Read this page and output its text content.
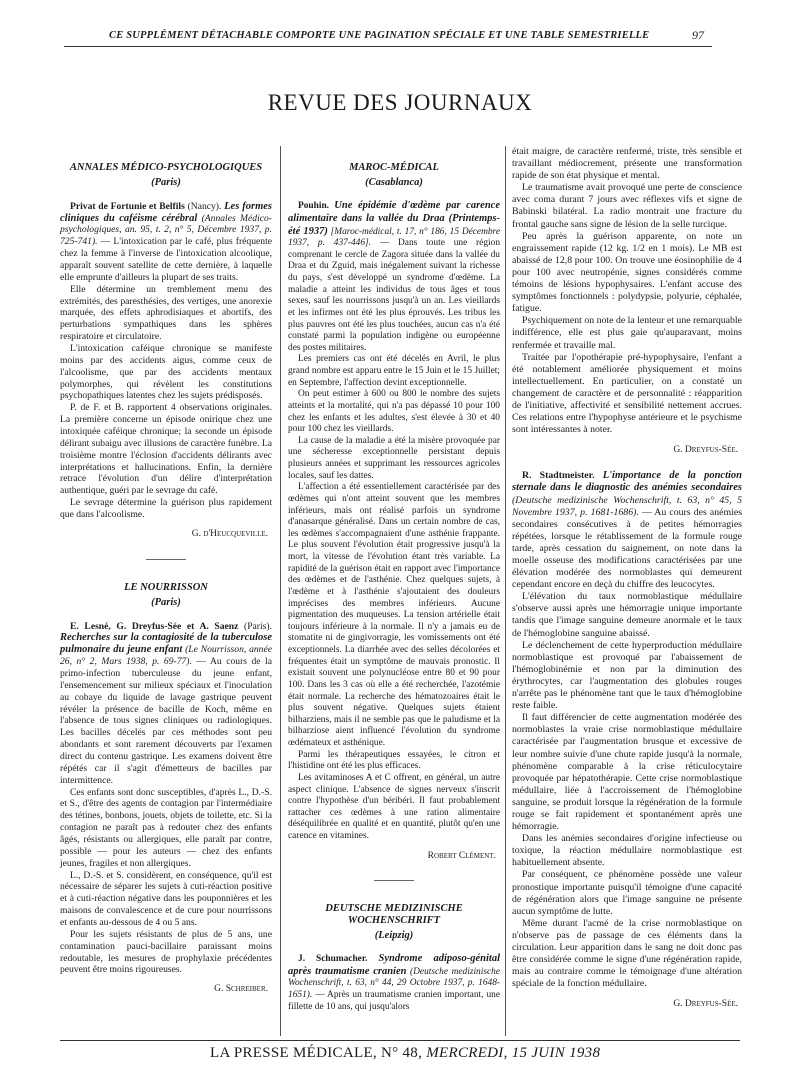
CE SUPPLÉMENT DÉTACHABLE COMPORTE UNE PAGINATION SPÉCIALE ET UNE TABLE SEMESTRIELLE	97
REVUE DES JOURNAUX

ANNALES MÉDICO-PSYCHOLOGIQUES

(Paris)

Privat de Fortunie et Belfils (Nancy). Les formes cliniques du caféisme cérébral (Annales Médico-psychologiques, an. 95, t. 2, n° 5, Décembre 1937, p. 725-741). — L'intoxication par le café, plus fréquente chez la femme à l'inverse de l'intoxication alcoolique, apparaît souvent satellite de cette dernière, à laquelle elle emprunte d'ailleurs la plupart de ses traits.

Elle détermine un tremblement menu des extrémités, des paresthésies, des vertiges, une anorexie marquée, des effets aphrodisiaques et abortifs, des perturbations sympathiques dans les sphères respiratoire et circulatoire.

L'intoxication caféique chronique se manifeste moins par des accidents aigus, comme ceux de l'alcoolisme, que par des accidents mentaux polymorphes, qui révèlent les constitutions psychopathiques latentes chez les sujets prédisposés.

P. de F. et B. rapportent 4 observations originales. La première concerne un épisode onirique chez une intoxiquée caféique chronique; la seconde un épisode délirant subaigu avec illusions de caractère funèbre. La troisième montre l'éclosion d'accidents délirants avec interprétations et hallucinations. Enfin, la dernière retrace l'évolution d'un délire d'interprétation authentique, guéri par le sevrage du café.

Le sevrage détermine la guérison plus rapidement que dans l'alcoolisme.

G. d'Heucqueville.

LE NOURRISSON

(Paris)

E. Lesné, G. Dreyfus-Sée et A. Saenz (Paris). Recherches sur la contagiosité de la tuberculose pulmonaire du jeune enfant (Le Nourrisson, année 26, n° 2, Mars 1938, p. 69-77). — Au cours de la primo-infection tuberculeuse du jeune enfant, l'ensemencement sur milieux spéciaux et l'inoculation au cobaye du liquide de lavage gastrique peuvent révéler la présence de bacille de Koch, même en l'absence de tous signes cliniques ou radiologiques. Les bacilles décelés par ces méthodes sont peu abondants et sont rarement découverts par l'examen direct du contenu gastrique. Les examens doivent être répétés car il s'agit d'émetteurs de bacilles par intermittence.

Ces enfants sont donc susceptibles, d'après L., D.-S. et S., d'être des agents de contagion par l'intermédiaire des tétines, bonbons, jouets, objets de toilette, etc. Si la contagion ne paraît pas à redouter chez des enfants âgés, résistants ou allergiques, elle paraît par contre, possible — pour les auteurs — chez des enfants jeunes, fragiles et non allergiques.

L., D.-S. et S. considèrent, en conséquence, qu'il est nécessaire de séparer les sujets à cuti-réaction positive et à cuti-réaction négative dans les pouponnières et les maisons de convalescence et de cure pour nourrissons et enfants au-dessous de 4 ou 5 ans.

Pour les sujets résistants de plus de 5 ans, une contamination pauci-bacillaire paraissant moins redoutable, les mesures de prophylaxie précédentes peuvent être moins rigoureuses.

G. Schreiber.

MAROC-MÉDICAL

(Casablanca)

Pouhin. Une épidémie d'œdème par carence alimentaire dans la vallée du Draa (Printemps-été 1937) [Maroc-médical, t. 17, n° 186, 15 Décembre 1937, p. 437-446]. — Dans toute une région comprenant le cercle de Zagora située dans la vallée du Draa et du Zguid, mais inégalement suivant la richesse du pays, s'est développé un syndrome d'œdème. La maladie a atteint les individus de tous âges et tous sexes, sauf les nourrissons jusqu'à un an. Les vieillards et les infirmes ont été les plus éprouvés. Les tribus les plus pauvres ont été les plus touchées, aucun cas n'a été constaté parmi la population indigène ou européenne des postes militaires.

Les premiers cas ont été décelés en Avril, le plus grand nombre est apparu entre le 15 Juin et le 15 Juillet; en Septembre, l'affection devint exceptionnelle.

On peut estimer à 600 ou 800 le nombre des sujets atteints et la mortalité, qui n'a pas dépassé 10 pour 100 chez les enfants et les adultes, s'est élevée à 30 et 40 pour 100 chez les vieillards.

La cause de la maladie a été la misère provoquée par une sécheresse exceptionnelle persistant depuis plusieurs années et supprimant les ressources agricoles locales, sauf les dattes.

L'affection a été essentiellement caractérisée par des œdèmes qui n'ont atteint souvent que les membres inférieurs, mais ont réalisé parfois un syndrome d'anasarque généralisé. Dans un certain nombre de cas, les œdèmes s'accompagnaient d'une asthénie frappante. Le plus souvent l'évolution était progressive jusqu'à la mort, la vitesse de l'évolution étant très variable. La rapidité de la guérison était en rapport avec l'importance des œdèmes et de l'asthénie. Chez quelques sujets, à l'œdème et à l'asthénie s'ajoutaient des douleurs imprécises des membres inférieurs. Aucune pigmentation des muqueuses. La tension artérielle était toujours inférieure à la normale. Il n'y a jamais eu de stomatite ni de gingivorragie, les vomissements ont été exceptionnels. La diarrhée avec des selles décolorées et fréquentes était un symptôme de mauvais pronostic. Il existait souvent une polynucléose entre 80 et 90 pour 100. Dans les 3 cas où elle a été recherchée, l'azotémie était normale. La recherche des hématozoaires était le plus souvent négative. Quelques sujets étaient bilharziens, mais il ne semble pas que le paludisme et la bilharziose aient influencé l'évolution du syndrome œdémateux et asthénique.

Parmi les thérapeutiques essayées, le citron et l'histidine ont été les plus efficaces.

Les avitaminoses A et C offrent, en général, un autre aspect clinique. L'absence de signes nerveux s'inscrit contre l'hypothèse d'un béribéri. Il faut probablement rattacher ces œdèmes à une ration alimentaire déséquilibrée en qualité et en quantité, plutôt qu'en une carence en vitamines.

Robert Clément.

DEUTSCHE MEDIZINISCHE WOCHENSCHRIFT

(Leipzig)

J. Schumacher. Syndrome adiposo-génital après traumatisme cranien (Deutsche medizinische Wochenschrift, t. 63, n° 44, 29 Octobre 1937, p. 1648-1651). — Après un traumatisme cranien important, une fillette de 10 ans, qui jusqu'alors

était maigre, de caractère renfermé, triste, très sensible et travaillant médiocrement, présente une transformation rapide de son état physique et mental.

Le traumatisme avait provoqué une perte de conscience avec coma durant 7 jours avec réflexes vifs et signe de Babinski bilatéral. La radio montrait une fracture du frontal gauche sans signe de lésion de la selle turcique.

Peu après la guérison apparente, on note un engraissement rapide (12 kg. 1/2 en 1 mois). Le MB est abaissé de 12,8 pour 100. On trouve une éosinophilie de 4 pour 100 avec neutropénie, signes considérés comme témoins de lésions hypophysaires. L'enfant accuse des symptômes fonctionnels : polydypsie, polyurie, céphalée, fatigue.

Psychiquement on note de la lenteur et une remarquable indifférence, elle est plus gaie qu'auparavant, moins renfermée et travaille mal.

Traitée par l'opothérapie pré-hypophysaire, l'enfant a été notablement améliorée physiquement et moins intellectuellement. En particulier, on a constaté un changement de caractère et de personnalité : réapparition de l'initiative, affectivité et sensibilité nettement accrues. Ces relations entre l'hypophyse antérieure et le psychisme sont intéressantes à noter.

G. Dreyfus-Sée.

R. Stadtmeister. L'importance de la ponction sternale dans le diagnostic des anémies secondaires (Deutsche medizinische Wochenschrift, t. 63, n° 45, 5 Novembre 1937, p. 1681-1686). — Au cours des anémies secondaires consécutives à de petites hémorragies répétées, lorsque le rétablissement de la formule rouge tarde, après cessation du saignement, on note dans la moelle osseuse des modifications caractérisées par une élévation modérée des normoblastes qui demeurent cependant encore en deçà du chiffre des leucocytes.

L'élévation du taux normoblastique médullaire s'observe aussi après une hémorragie unique importante tandis que l'image sanguine demeure anormale et le taux de l'hémoglobine sanguine abaissé.

Le déclenchement de cette hyperproduction médullaire normoblastique est provoqué par l'abaissement de l'hémoglobinémie et non par la diminution des érythrocytes, car l'augmentation des globules rouges n'arrête pas le phénomène tant que le taux d'hémoglobine reste faible.

Il faut différencier de cette augmentation modérée des normoblastes la vraie crise normoblastique médullaire caractérisée par l'augmentation brusque et excessive de leur nombre suivie d'une chute rapide jusqu'à la normale, phénomène comparable à la crise réticulocytaire provoquée par hépatothérapie. Cette crise normoblastique médullaire, liée à l'accroissement de l'hémoglobine sanguine, se produit lorsque la régénération de la formule rouge se fait rapidement et spontanément après une hémorragie.

Dans les anémies secondaires d'origine infectieuse ou toxique, la réaction médullaire normoblastique est habituellement absente.

Par conséquent, ce phénomène possède une valeur pronostique importante puisqu'il témoigne d'une capacité de régénération alors que l'image sanguine ne présente aucun symptôme de lutte.

Même durant l'acmé de la crise normoblastique on n'observe pas de passage de ces éléments dans la circulation. Leur apparition dans le sang ne doit donc pas être considérée comme le signe d'une régénération rapide, mais au contraire comme le témoignage d'une altération spéciale de la fonction médullaire.

G. Dreyfus-Sée.

LA PRESSE MÉDICALE, N° 48, MERCREDI, 15 JUIN 1938
